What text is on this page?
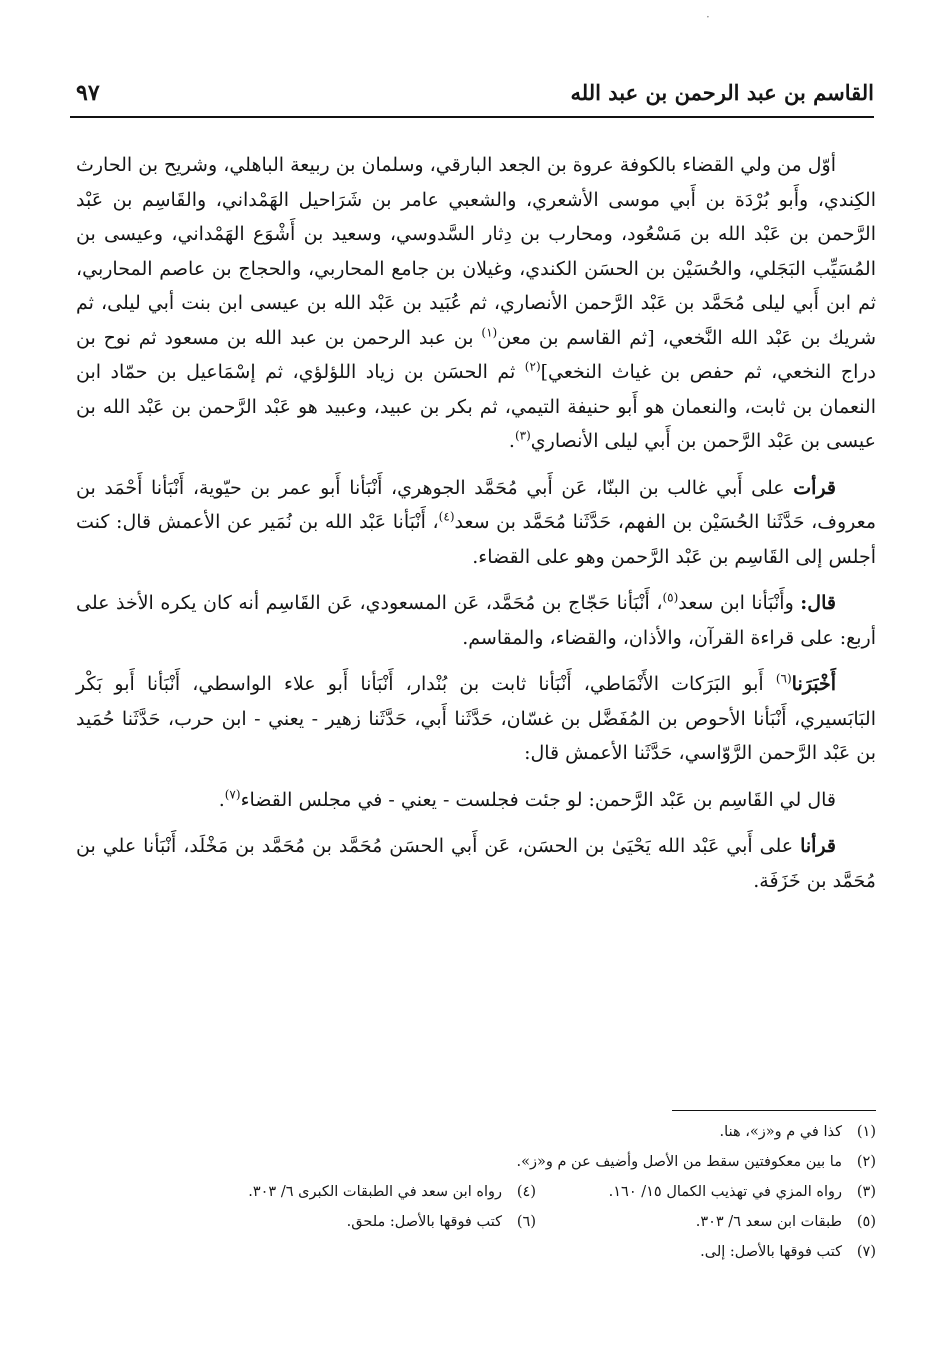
·
القاسم بن عبد الرحمن بن عبد الله
٩٧

أوّل من ولي القضاء بالكوفة عروة بن الجعد البارقي، وسلمان بن ربيعة الباهلي، وشريح بن الحارث الكِندي، وأَبو بُرْدَة بن أَبي موسى الأشعري، والشعبي عامر بن شَرَاحيل الهَمْداني، والقَاسِم بن عَبْد الرَّحمن بن عَبْد الله بن مَسْعُود، ومحارب بن دِثار السَّدوسي، وسعيد بن أَشْوَع الهَمْداني، وعيسى بن المُسَيِّب البَجَلي، والحُسَيْن بن الحسَن الكندي، وغيلان بن جامع المحاربي، والحجاج بن عاصم المحاربي، ثم ابن أَبي ليلى مُحَمَّد بن عَبْد الرَّحمن الأنصاري، ثم عُبَيد بن عَبْد الله بن عيسى ابن بنت أبي ليلى، ثم شريك بن عَبْد الله النَّخعي، [ثم القاسم بن معن$^{(١)}$ بن عبد الرحمن بن عبد الله بن مسعود ثم نوح بن دراج النخعي، ثم حفص بن غياث النخعي]$^{(٢)}$ ثم الحسَن بن زياد اللؤلؤي، ثم إسْمَاعيل بن حمّاد ابن النعمان بن ثابت، والنعمان هو أَبو حنيفة التيمي، ثم بكر بن عبيد، وعبيد هو عَبْد الرَّحمن بن عَبْد الله بن عيسى بن عَبْد الرَّحمن بن أَبي ليلى الأنصاري$^{(٣)}$.

قرأت على أَبي غالب بن البنّا، عَن أَبي مُحَمَّد الجوهري، أَنْبَأنا أَبو عمر بن حيّوية، أَنْبَأنا أَحْمَد بن معروف، حَدَّثَنا الحُسَيْن بن الفهم، حَدَّثَنا مُحَمَّد بن سعد$^{(٤)}$، أَنْبَأنا عَبْد الله بن نُمَير عن الأعمش قال: كنت أجلس إلى القَاسِم بن عَبْد الرَّحمن وهو على القضاء.

قال: وأَنْبَأنا ابن سعد$^{(٥)}$، أَنْبَأنا حَجّاج بن مُحَمَّد، عَن المسعودي، عَن القَاسِم أنه كان يكره الأخذ على أربع: على قراءة القرآن، والأذان، والقضاء، والمقاسم.

أَخْبَرَنا$^{(٦)}$ أَبو البَرَكات الأَنْمَاطي، أَنْبَأنا ثابت بن بُنْدار، أَنْبَأنا أَبو علاء الواسطي، أَنْبَأنا أَبو بَكْر البَابَسيري، أَنْبَأنا الأحوص بن المُفَضَّل بن غسّان، حَدَّثَنا أَبي، حَدَّثَنا زهير - يعني - ابن حرب، حَدَّثَنا حُمَيد بن عَبْد الرَّحمن الرَّوّاسي، حَدَّثَنا الأعمش قال:

قال لي القَاسِم بن عَبْد الرَّحمن: لو جئت فجلست - يعني - في مجلس القضاء$^{(٧)}$.

قرأنا على أَبي عَبْد الله يَحْيَىٰ بن الحسَن، عَن أَبي الحسَن مُحَمَّد بن مُحَمَّد بن مَخْلَد، أَنْبَأنا علي بن مُحَمَّد بن خَزَفَة.

(١)
كذا في م و«ز»، هنا.
(٢)
ما بين معكوفتين سقط من الأصل وأضيف عن م و«ز».
(٣)
رواه المزي في تهذيب الكمال ١٥/ ١٦٠.
(٤)
رواه ابن سعد في الطبقات الكبرى ٦/ ٣٠٣.
(٥)
طبقات ابن سعد ٦/ ٣٠٣.
(٦)
كتب فوقها بالأصل: ملحق.
(٧)
كتب فوقها بالأصل: إلى.
